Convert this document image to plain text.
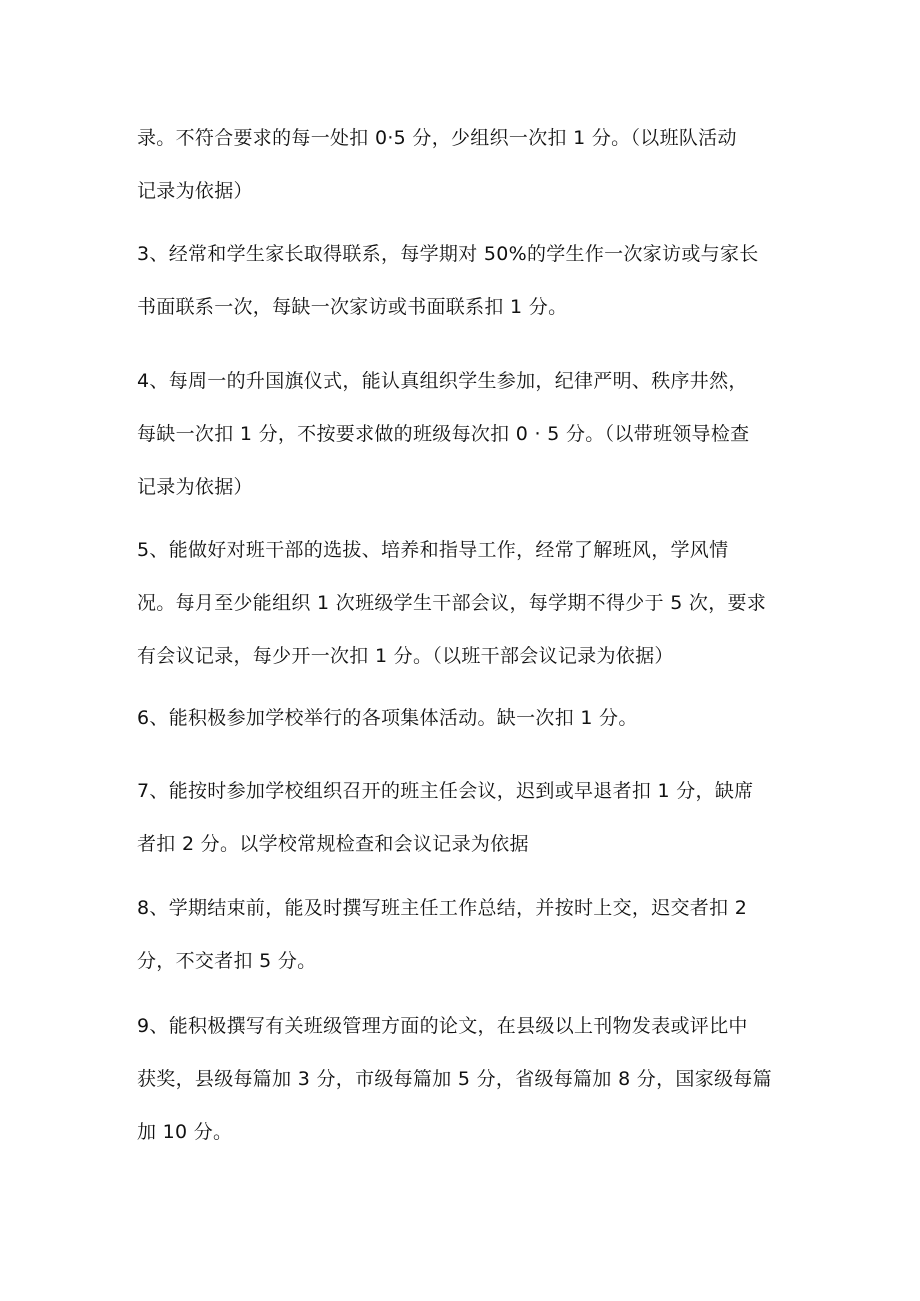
录。不符合要求的每一处扣 0·5 分，少组织一次扣 1 分。（以班队活动
记录为依据）

3、经常和学生家长取得联系，每学期对 50%的学生作一次家访或与家长
书面联系一次，每缺一次家访或书面联系扣 1 分。

4、每周一的升国旗仪式，能认真组织学生参加，纪律严明、秩序井然，
每缺一次扣 1 分，不按要求做的班级每次扣 0 · 5 分。（以带班领导检查
记录为依据）

5、能做好对班干部的选拔、培养和指导工作，经常了解班风，学风情
况。每月至少能组织 1 次班级学生干部会议，每学期不得少于 5 次，要求
有会议记录，每少开一次扣 1 分。（以班干部会议记录为依据）

6、能积极参加学校举行的各项集体活动。缺一次扣 1 分。

7、能按时参加学校组织召开的班主任会议，迟到或早退者扣 1 分，缺席
者扣 2 分。以学校常规检查和会议记录为依据

8、学期结束前，能及时撰写班主任工作总结，并按时上交，迟交者扣 2
分，不交者扣 5 分。

9、能积极撰写有关班级管理方面的论文，在县级以上刊物发表或评比中
获奖，县级每篇加 3 分，市级每篇加 5 分，省级每篇加 8 分，国家级每篇
加 10 分。
